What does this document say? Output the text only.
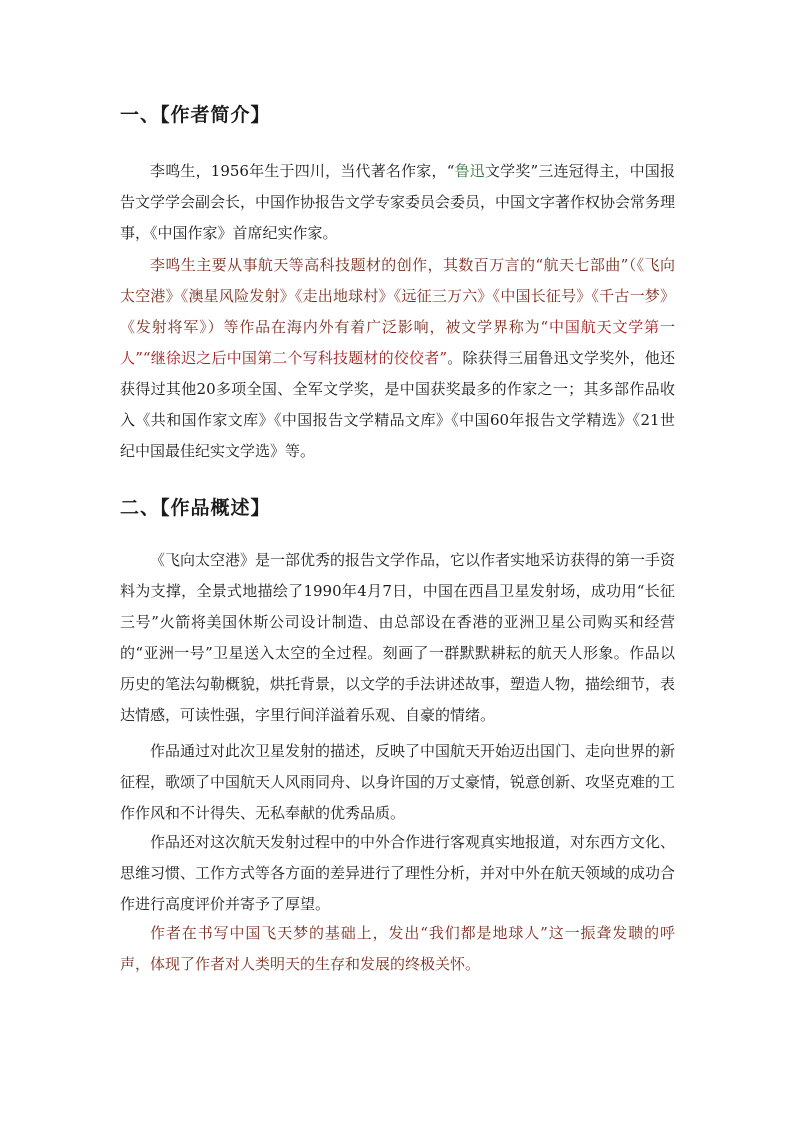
一、【作者简介】

李鸣生，1956年生于四川，当代著名作家，“鲁迅文学奖”三连冠得主，中国报告文学学会副会长，中国作协报告文学专家委员会委员，中国文字著作权协会常务理事，《中国作家》首席纪实作家。

李鸣生主要从事航天等高科技题材的创作，其数百万言的“航天七部曲”（《飞向太空港》《澳星风险发射》《走出地球村》《远征三万六》《中国长征号》《千古一梦》《发射将军》）等作品在海内外有着广泛影响，被文学界称为“中国航天文学第一人”“继徐迟之后中国第二个写科技题材的佼佼者”。除获得三届鲁迅文学奖外，他还获得过其他20多项全国、全军文学奖，是中国获奖最多的作家之一；其多部作品收入《共和国作家文库》《中国报告文学精品文库》《中国60年报告文学精选》《21世纪中国最佳纪实文学选》等。

二、【作品概述】

《飞向太空港》是一部优秀的报告文学作品，它以作者实地采访获得的第一手资料为支撑，全景式地描绘了1990年4月7日，中国在西昌卫星发射场，成功用“长征三号”火箭将美国休斯公司设计制造、由总部设在香港的亚洲卫星公司购买和经营的“亚洲一号”卫星送入太空的全过程。刻画了一群默默耕耘的航天人形象。作品以历史的笔法勾勒概貌，烘托背景，以文学的手法讲述故事，塑造人物，描绘细节，表达情感，可读性强，字里行间洋溢着乐观、自豪的情绪。

作品通过对此次卫星发射的描述，反映了中国航天开始迈出国门、走向世界的新征程，歌颂了中国航天人风雨同舟、以身许国的万丈豪情，锐意创新、攻坚克难的工作作风和不计得失、无私奉献的优秀品质。

作品还对这次航天发射过程中的中外合作进行客观真实地报道，对东西方文化、思维习惯、工作方式等各方面的差异进行了理性分析，并对中外在航天领域的成功合作进行高度评价并寄予了厚望。

作者在书写中国飞天梦的基础上，发出“我们都是地球人”这一振聋发聩的呼声，体现了作者对人类明天的生存和发展的终极关怀。
